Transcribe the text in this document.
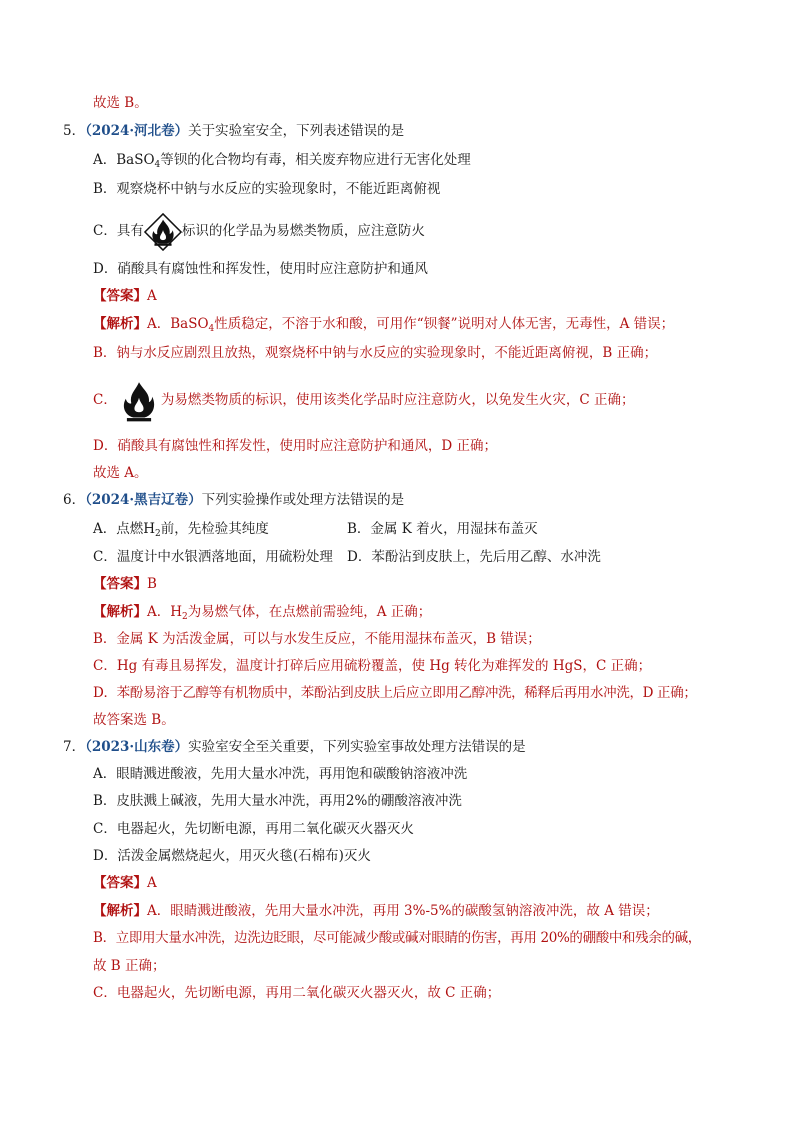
故选 B。
5．（2024·河北卷）关于实验室安全，下列表述错误的是
A．BaSO$_4$等钡的化合物均有毒，相关废弃物应进行无害化处理
B．观察烧杯中钠与水反应的实验现象时，不能近距离俯视
C．具有	标识的化学品为易燃类物质，应注意防火
D．硝酸具有腐蚀性和挥发性，使用时应注意防护和通风
【答案】A
【解析】A．BaSO$_4$性质稳定，不溶于水和酸，可用作“钡餐”说明对人体无害，无毒性，A 错误；
B．钠与水反应剧烈且放热，观察烧杯中钠与水反应的实验现象时，不能近距离俯视，B 正确；
C．	为易燃类物质的标识，使用该类化学品时应注意防火，以免发生火灾，C 正确；
D．硝酸具有腐蚀性和挥发性，使用时应注意防护和通风，D 正确；
故选 A。
6．（2024·黑吉辽卷）下列实验操作或处理方法错误的是
A．点燃$H_2$前，先检验其纯度	B．金属 K 着火，用湿抹布盖灭
C．温度计中水银洒落地面，用硫粉处理 D．苯酚沾到皮肤上，先后用乙醇、水冲洗
【答案】B
【解析】A．$H_2$为易燃气体，在点燃前需验纯，A 正确；
B．金属 K 为活泼金属，可以与水发生反应，不能用湿抹布盖灭，B 错误；
C．Hg 有毒且易挥发，温度计打碎后应用硫粉覆盖，使 Hg 转化为难挥发的 HgS，C 正确；
D．苯酚易溶于乙醇等有机物质中，苯酚沾到皮肤上后应立即用乙醇冲洗，稀释后再用水冲洗，D 正确；
故答案选 B。
7．（2023·山东卷）实验室安全至关重要，下列实验室事故处理方法错误的是
A．眼睛溅进酸液，先用大量水冲洗，再用饱和碳酸钠溶液冲洗
B．皮肤溅上碱液，先用大量水冲洗，再用2%的硼酸溶液冲洗
C．电器起火，先切断电源，再用二氧化碳灭火器灭火
D．活泼金属燃烧起火，用灭火毯(石棉布)灭火
【答案】A
【解析】A．眼睛溅进酸液，先用大量水冲洗，再用 3%-5%的碳酸氢钠溶液冲洗，故 A 错误；
B．立即用大量水冲洗，边洗边眨眼，尽可能减少酸或碱对眼睛的伤害，再用 20%的硼酸中和残余的碱，
故 B 正确；
C．电器起火，先切断电源，再用二氧化碳灭火器灭火，故 C 正确；
